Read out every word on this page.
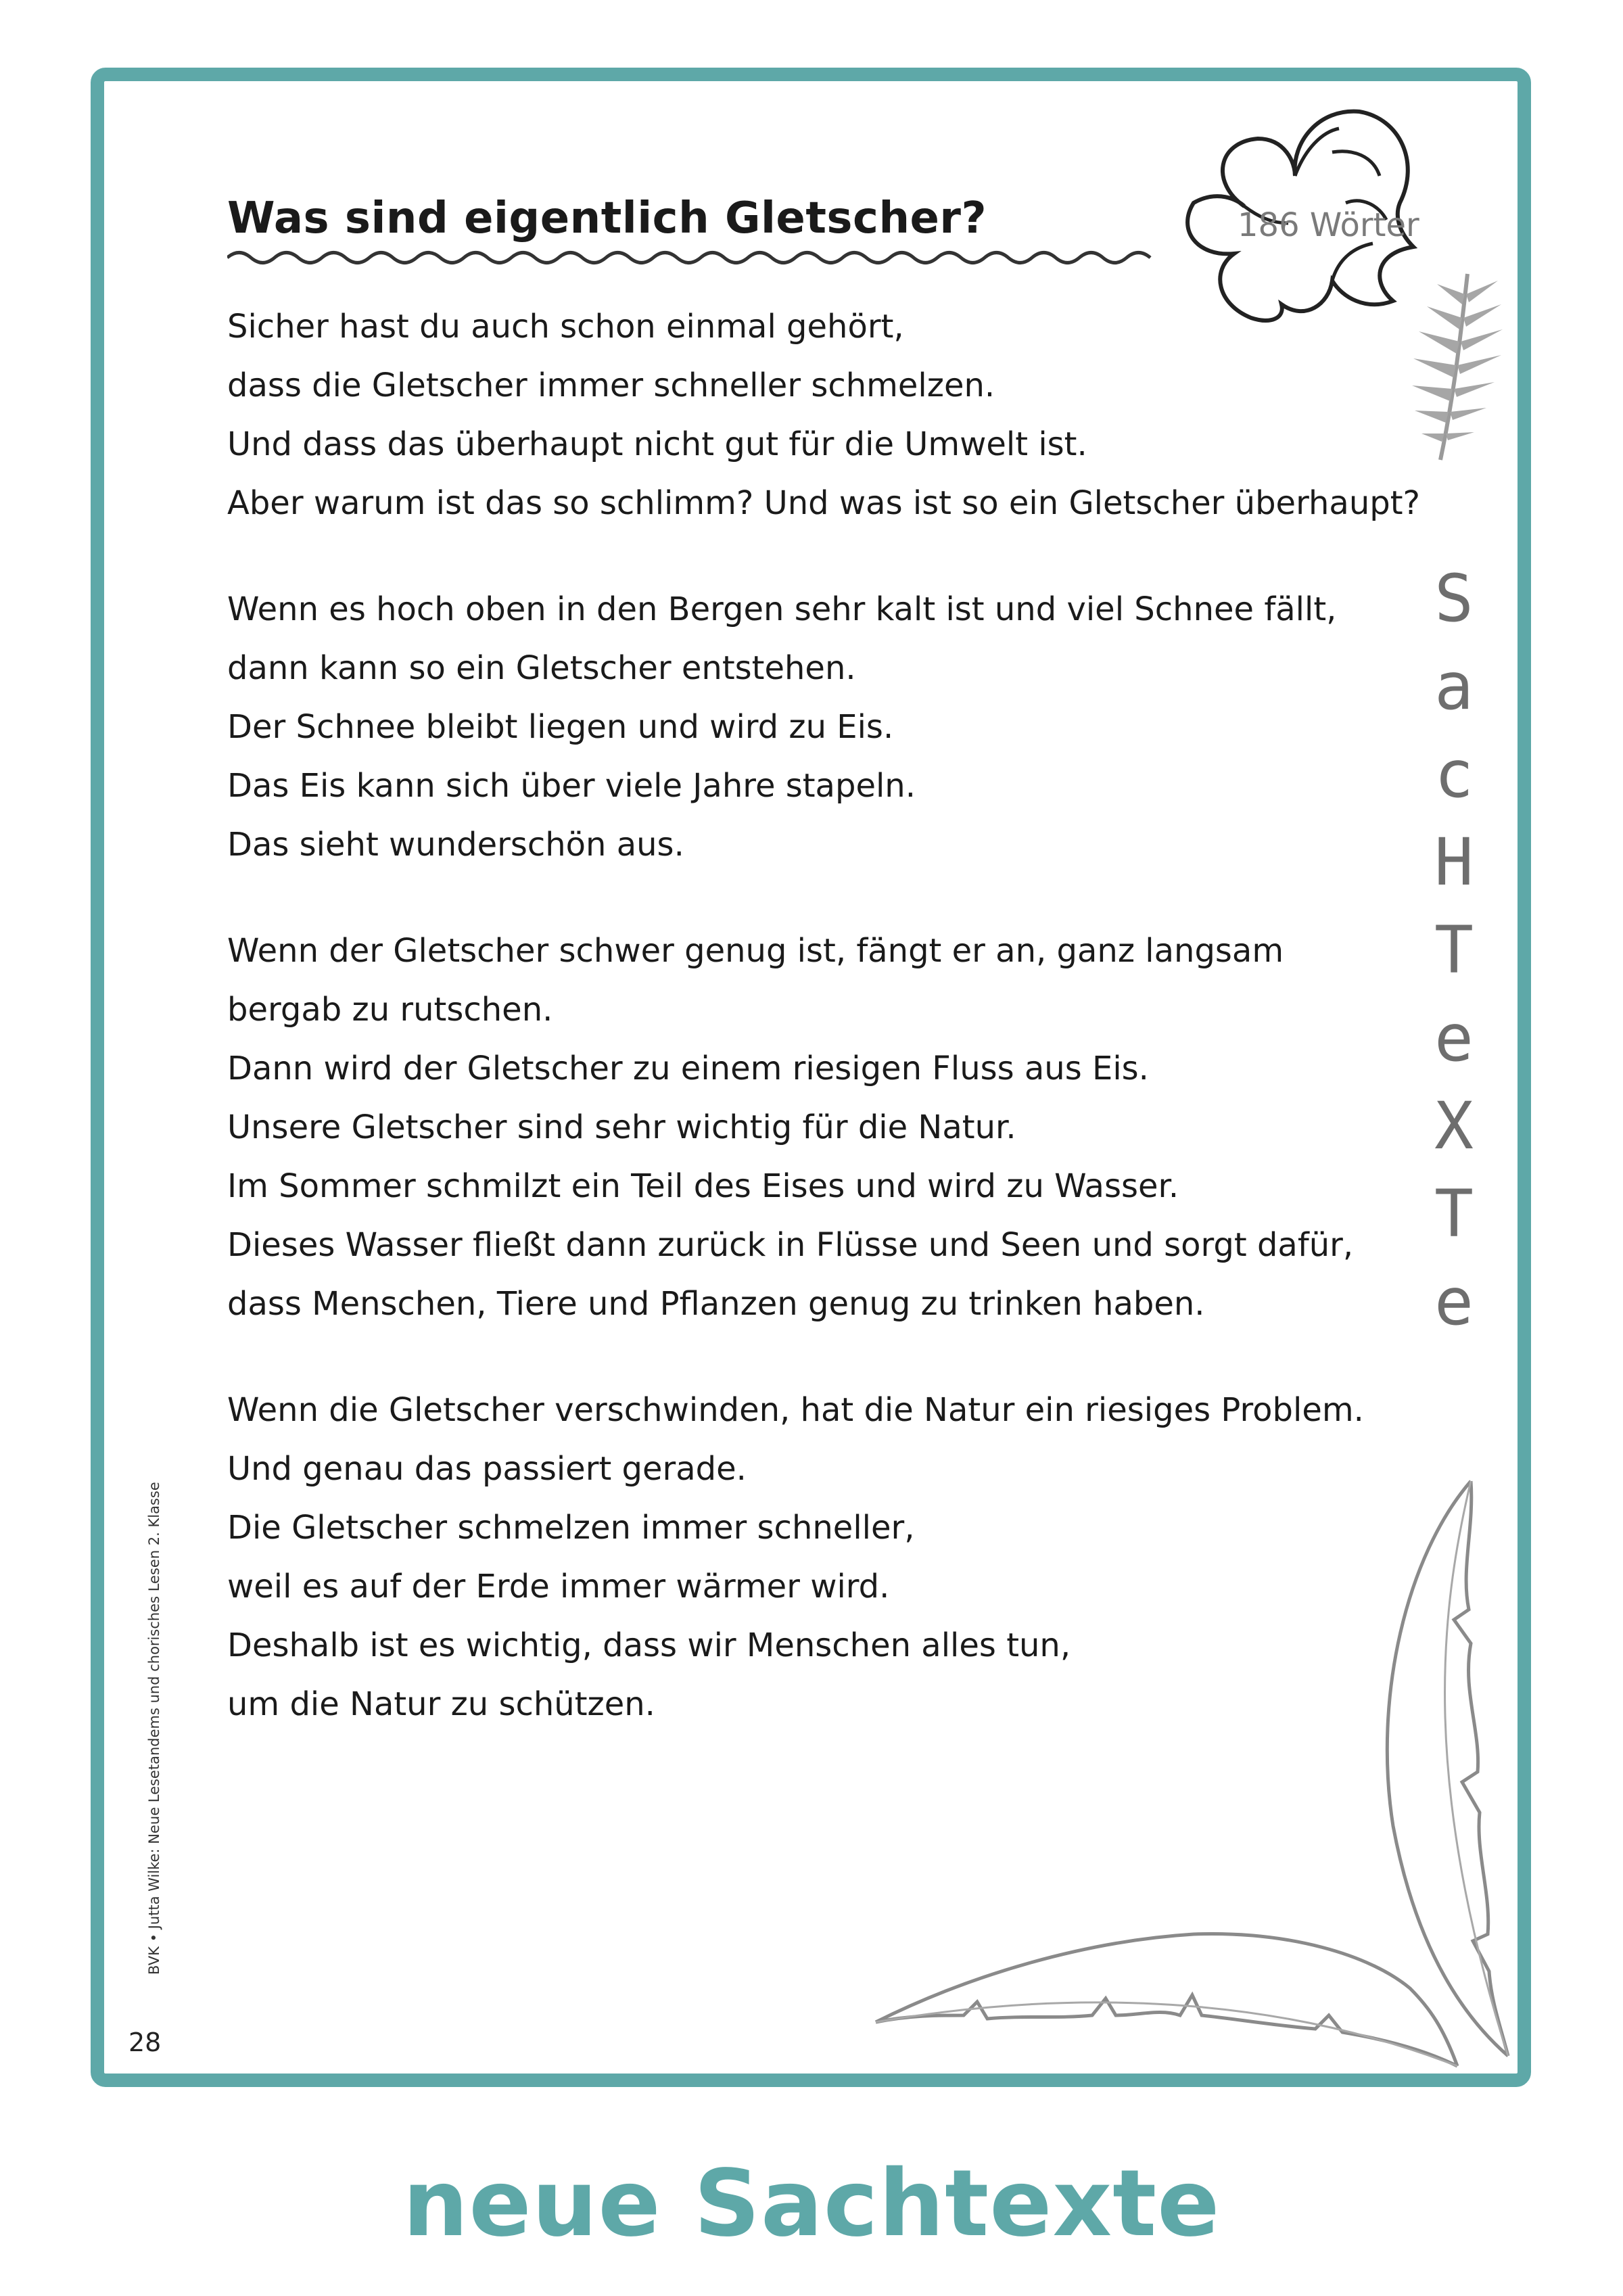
Was sind eigentlich Gletscher?	186 Wörter
S
a
c
H
T
e
X
T
e

Sicher hast du auch schon einmal gehört,
dass die Gletscher immer schneller schmelzen.
Und dass das überhaupt nicht gut für die Umwelt ist.
Aber warum ist das so schlimm? Und was ist so ein Gletscher überhaupt?

Wenn es hoch oben in den Bergen sehr kalt ist und viel Schnee fällt,
dann kann so ein Gletscher entstehen.
Der Schnee bleibt liegen und wird zu Eis.
Das Eis kann sich über viele Jahre stapeln.
Das sieht wunderschön aus.

Wenn der Gletscher schwer genug ist, fängt er an, ganz langsam
bergab zu rutschen.
Dann wird der Gletscher zu einem riesigen Fluss aus Eis.
Unsere Gletscher sind sehr wichtig für die Natur.
Im Sommer schmilzt ein Teil des Eises und wird zu Wasser.
Dieses Wasser fließt dann zurück in Flüsse und Seen und sorgt dafür,
dass Menschen, Tiere und Pflanzen genug zu trinken haben.

Wenn die Gletscher verschwinden, hat die Natur ein riesiges Problem.
Und genau das passiert gerade.
Die Gletscher schmelzen immer schneller,
weil es auf der Erde immer wärmer wird.
Deshalb ist es wichtig, dass wir Menschen alles tun,
um die Natur zu schützen.

BVK • Jutta Wilke: Neue Lesetandems und chorisches Lesen 2. Klasse
28
neue Sachtexte
